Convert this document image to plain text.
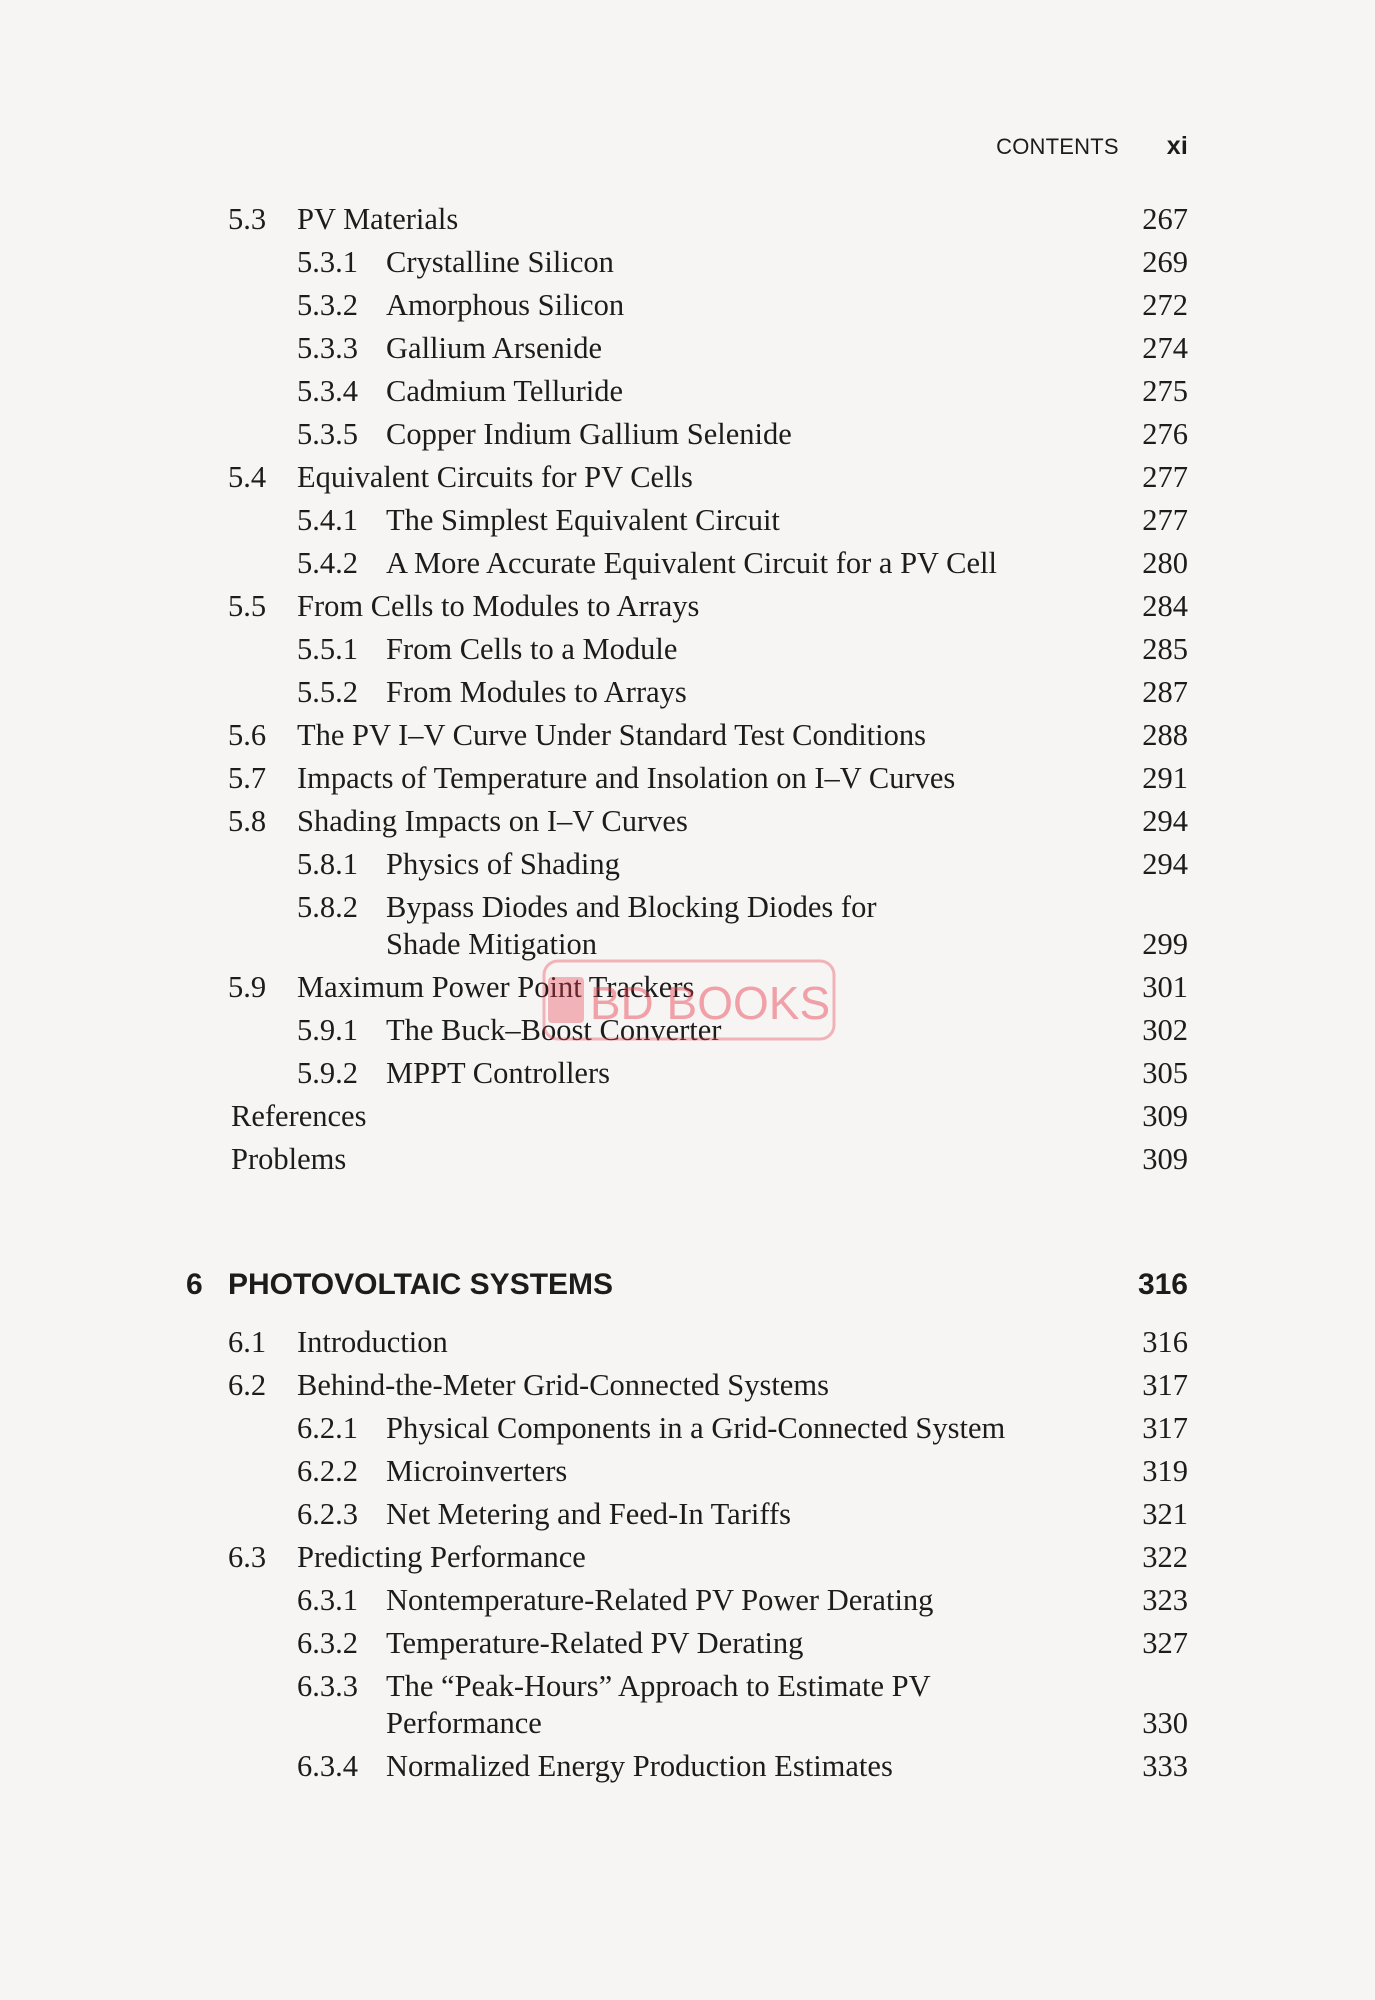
CONTENTS xi
5.3 PV Materials	267
5.3.1 Crystalline Silicon	269
5.3.2 Amorphous Silicon	272
5.3.3 Gallium Arsenide	274
5.3.4 Cadmium Telluride	275
5.3.5 Copper Indium Gallium Selenide	276
5.4 Equivalent Circuits for PV Cells	277
5.4.1 The Simplest Equivalent Circuit	277
5.4.2 A More Accurate Equivalent Circuit for a PV Cell	280
5.5 From Cells to Modules to Arrays	284
5.5.1 From Cells to a Module	285
5.5.2 From Modules to Arrays	287
5.6 The PV I–V Curve Under Standard Test Conditions	288
5.7 Impacts of Temperature and Insolation on I–V Curves	291
5.8 Shading Impacts on I–V Curves	294
5.8.1 Physics of Shading	294
5.8.2 Bypass Diodes and Blocking Diodes for
Shade Mitigation	299
5.9 Maximum Power Point Trackers	301
5.9.1 The Buck–Boost Converter	302
5.9.2 MPPT Controllers	305
References	309
Problems	309
6 PHOTOVOLTAIC SYSTEMS	316
6.1 Introduction	316
6.2 Behind-the-Meter Grid-Connected Systems	317
6.2.1 Physical Components in a Grid-Connected System	317
6.2.2 Microinverters	319
6.2.3 Net Metering and Feed-In Tariffs	321
6.3 Predicting Performance	322
6.3.1 Nontemperature-Related PV Power Derating	323
6.3.2 Temperature-Related PV Derating	327
6.3.3 The “Peak-Hours” Approach to Estimate PV
Performance	330
6.3.4 Normalized Energy Production Estimates	333
BD BOOKS
